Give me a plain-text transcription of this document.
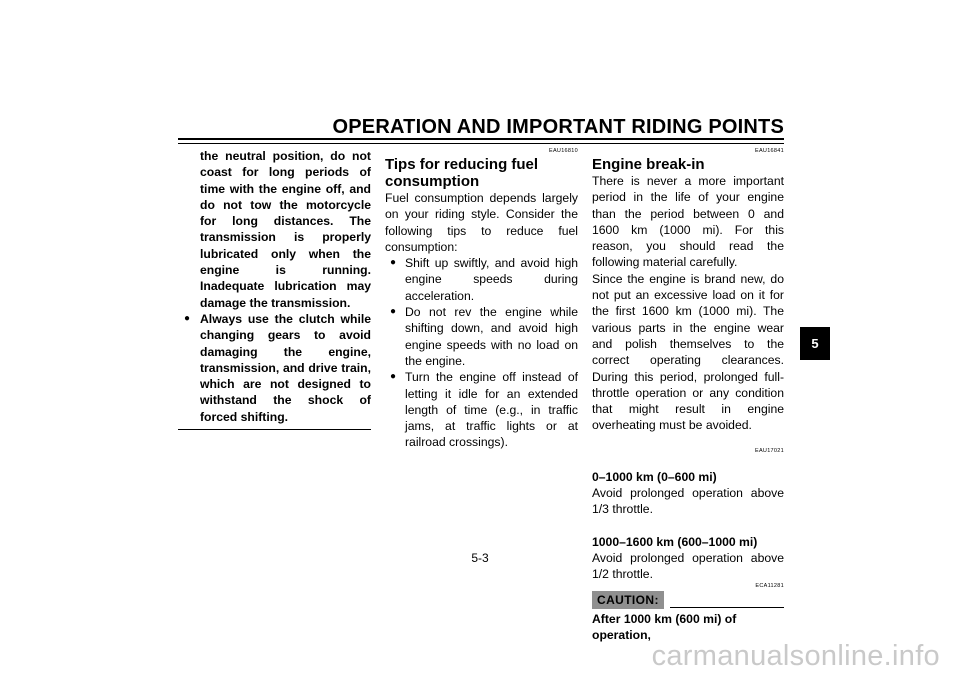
OPERATION AND IMPORTANT RIDING POINTS
the neutral position, do not coast for long periods of time with the engine off, and do not tow the motorcycle for long distances. The transmission is properly lubricated only when the engine is running. Inadequate lubrication may damage the transmission.
● Always use the clutch while changing gears to avoid damaging the engine, transmission, and drive train, which are not designed to withstand the shock of forced shifting.
EAU16810
Tips for reducing fuel consumption
Fuel consumption depends largely on your riding style. Consider the following tips to reduce fuel consumption:
● Shift up swiftly, and avoid high engine speeds during acceleration.
● Do not rev the engine while shifting down, and avoid high engine speeds with no load on the engine.
● Turn the engine off instead of letting it idle for an extended length of time (e.g., in traffic jams, at traffic lights or at railroad crossings).
EAU16841
Engine break-in
There is never a more important period in the life of your engine than the period between 0 and 1600 km (1000 mi). For this reason, you should read the following material carefully.
Since the engine is brand new, do not put an excessive load on it for the first 1600 km (1000 mi). The various parts in the engine wear and polish themselves to the correct operating clearances. During this period, prolonged full-throttle operation or any condition that might result in engine overheating must be avoided.
EAU17021
0–1000 km (0–600 mi)
Avoid prolonged operation above 1/3 throttle.
1000–1600 km (600–1000 mi)
Avoid prolonged operation above 1/2 throttle.
ECA11281
CAUTION:
After 1000 km (600 mi) of operation,
5
5-3
carmanualsonline.info
